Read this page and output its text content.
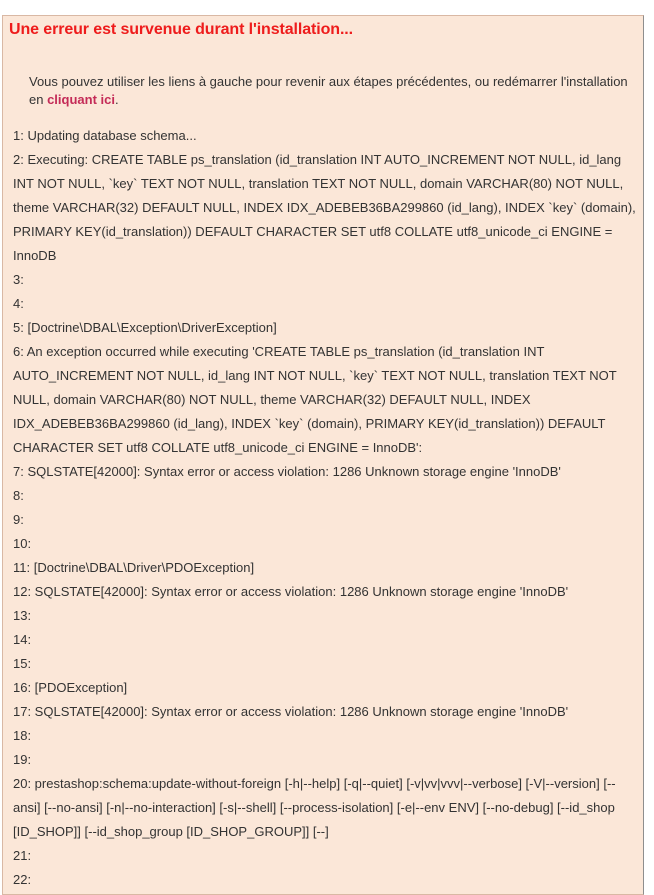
Une erreur est survenue durant l'installation...

Vous pouvez utiliser les liens à gauche pour revenir aux étapes précédentes, ou redémarrer l'installation en cliquant ici.

1: Updating database schema...
2: Executing: CREATE TABLE ps_translation (id_translation INT AUTO_INCREMENT NOT NULL, id_lang INT NOT NULL, `key` TEXT NOT NULL, translation TEXT NOT NULL, domain VARCHAR(80) NOT NULL, theme VARCHAR(32) DEFAULT NULL, INDEX IDX_ADEBEB36BA299860 (id_lang), INDEX `key` (domain), PRIMARY KEY(id_translation)) DEFAULT CHARACTER SET utf8 COLLATE utf8_unicode_ci ENGINE = InnoDB
3:
4:
5: [Doctrine\DBAL\Exception\DriverException]
6: An exception occurred while executing 'CREATE TABLE ps_translation (id_translation INT AUTO_INCREMENT NOT NULL, id_lang INT NOT NULL, `key` TEXT NOT NULL, translation TEXT NOT NULL, domain VARCHAR(80) NOT NULL, theme VARCHAR(32) DEFAULT NULL, INDEX IDX_ADEBEB36BA299860 (id_lang), INDEX `key` (domain), PRIMARY KEY(id_translation)) DEFAULT CHARACTER SET utf8 COLLATE utf8_unicode_ci ENGINE = InnoDB':
7: SQLSTATE[42000]: Syntax error or access violation: 1286 Unknown storage engine 'InnoDB'
8:
9:
10:
11: [Doctrine\DBAL\Driver\PDOException]
12: SQLSTATE[42000]: Syntax error or access violation: 1286 Unknown storage engine 'InnoDB'
13:
14:
15:
16: [PDOException]
17: SQLSTATE[42000]: Syntax error or access violation: 1286 Unknown storage engine 'InnoDB'
18:
19:
20: prestashop:schema:update-without-foreign [-h|--help] [-q|--quiet] [-v|vv|vvv|--verbose] [-V|--version] [--ansi] [--no-ansi] [-n|--no-interaction] [-s|--shell] [--process-isolation] [-e|--env ENV] [--no-debug] [--id_shop [ID_SHOP]] [--id_shop_group [ID_SHOP_GROUP]] [--]
21:
22:
